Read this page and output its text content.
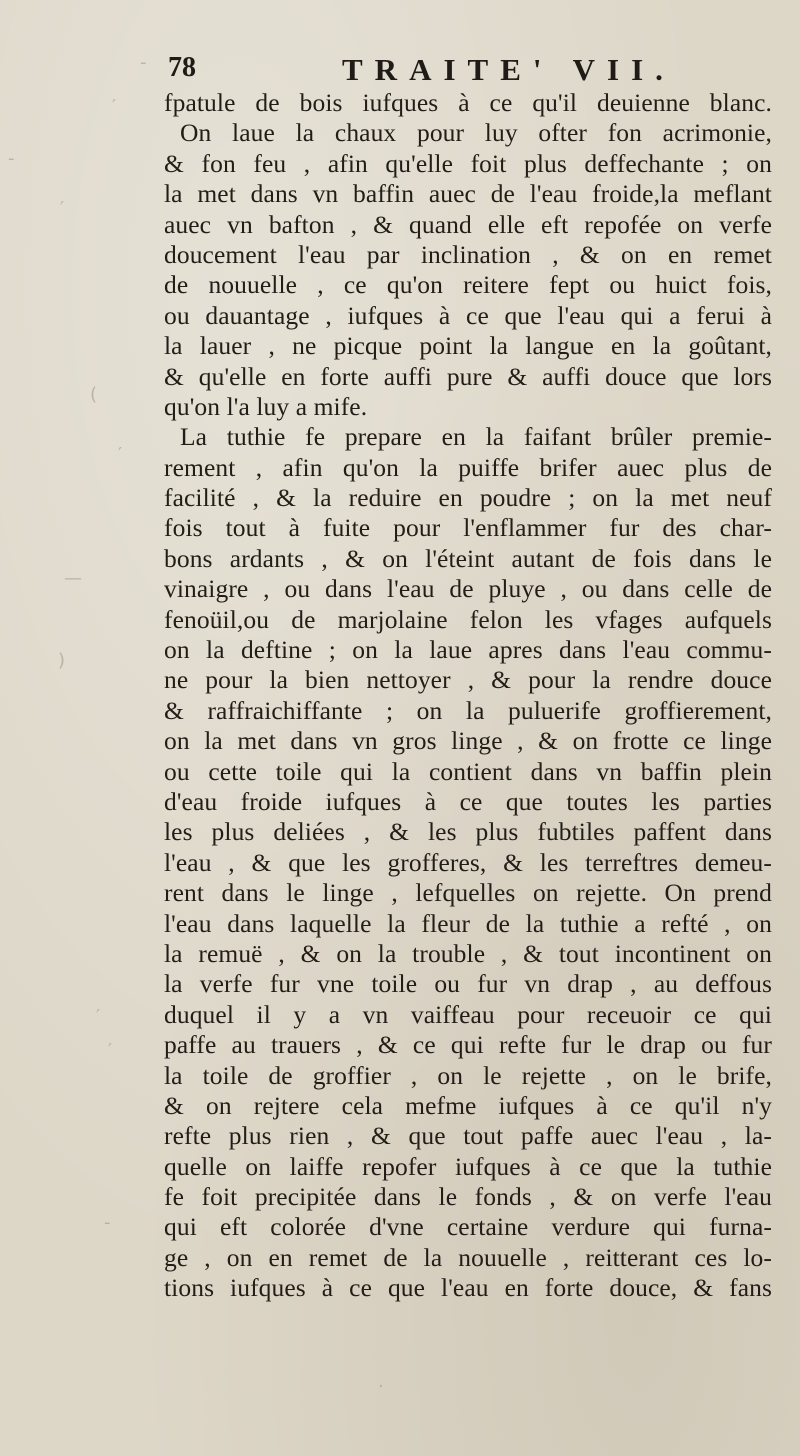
-
′
-
′
(
′
—
)
′
′
-
·
78	TRAITE' VII.
fpatule de bois iufques à ce qu'il deuienne blanc.
On laue la chaux pour luy ofter fon acrimonie,
& fon feu , afin qu'elle foit plus deffechante ; on
la met dans vn baffin auec de l'eau froide,la meflant
auec vn bafton , & quand elle eft repofée on verfe
doucement l'eau par inclination , & on en remet
de nouuelle , ce qu'on reitere fept ou huict fois,
ou dauantage , iufques à ce que l'eau qui a ferui à
la lauer , ne picque point la langue en la goûtant,
& qu'elle en forte auffi pure & auffi douce que lors
qu'on l'a luy a mife.
La tuthie fe prepare en la faifant brûler premie-
rement , afin qu'on la puiffe brifer auec plus de
facilité , & la reduire en poudre ; on la met neuf
fois tout à fuite pour l'enflammer fur des char-
bons ardants , & on l'éteint autant de fois dans le
vinaigre , ou dans l'eau de pluye , ou dans celle de
fenoüil,ou de marjolaine felon les vfages aufquels
on la deftine ; on la laue apres dans l'eau commu-
ne pour la bien nettoyer , & pour la rendre douce
& raffraichiffante ; on la puluerife groffierement,
on la met dans vn gros linge , & on frotte ce linge
ou cette toile qui la contient dans vn baffin plein
d'eau froide iufques à ce que toutes les parties
les plus deliées , & les plus fubtiles paffent dans
l'eau , & que les grofferes, & les terreftres demeu-
rent dans le linge , lefquelles on rejette. On prend
l'eau dans laquelle la fleur de la tuthie a refté , on
la remuë , & on la trouble , & tout incontinent on
la verfe fur vne toile ou fur vn drap , au deffous
duquel il y a vn vaiffeau pour receuoir ce qui
paffe au trauers , & ce qui refte fur le drap ou fur
la toile de groffier , on le rejette , on le brife,
& on rejtere cela mefme iufques à ce qu'il n'y
refte plus rien , & que tout paffe auec l'eau , la-
quelle on laiffe repofer iufques à ce que la tuthie
fe foit precipitée dans le fonds , & on verfe l'eau
qui eft colorée d'vne certaine verdure qui furna-
ge , on en remet de la nouuelle , reitterant ces lo-
tions iufques à ce que l'eau en forte douce, & fans
